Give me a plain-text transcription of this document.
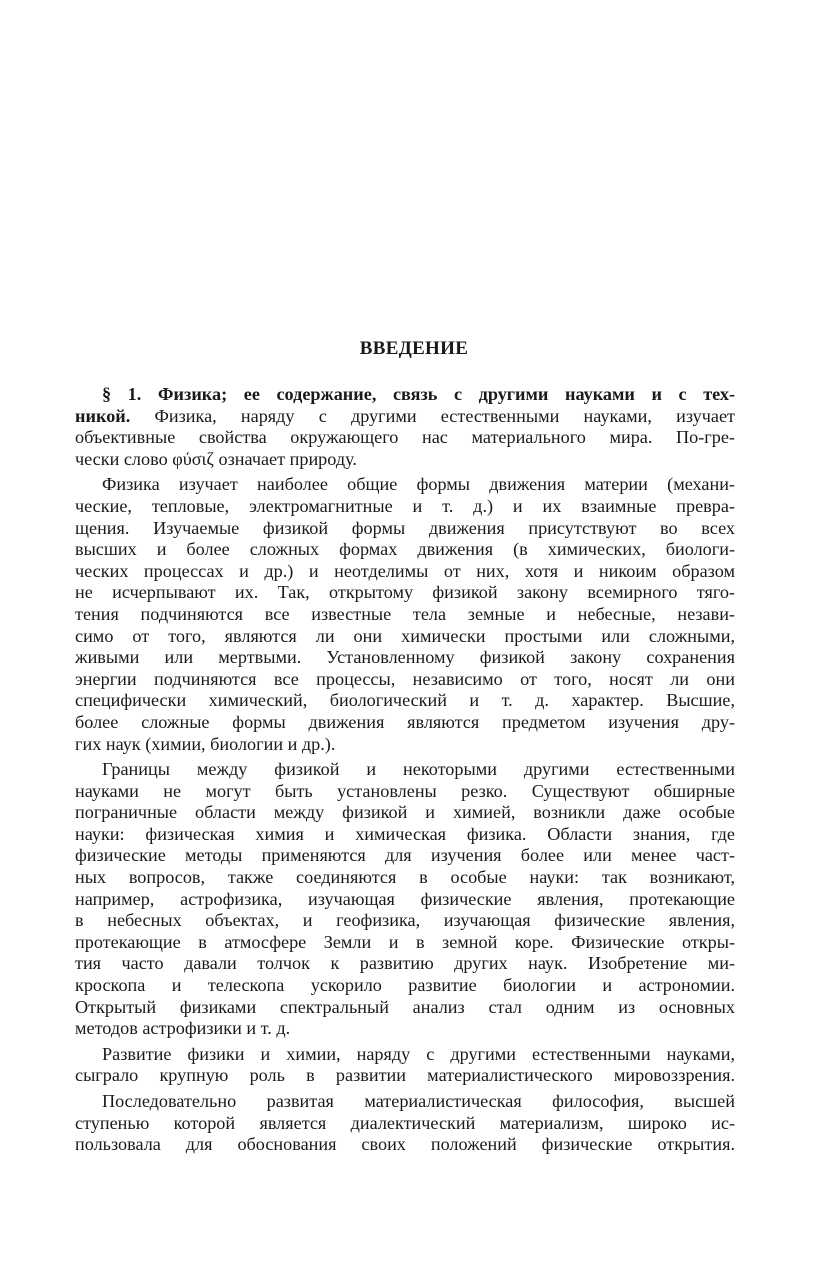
ВВЕДЕНИЕ
§ 1. Физика; ее содержание, связь с другими науками и с тех-
никой. Физика, наряду с другими естественными науками, изучает
объективные свойства окружающего нас материального мира. По-гре-
чески слово φύσιζ означает природу.
Физика изучает наиболее общие формы движения материи (механи-
ческие, тепловые, электромагнитные и т. д.) и их взаимные превра-
щения. Изучаемые физикой формы движения присутствуют во всех
высших и более сложных формах движения (в химических, биологи-
ческих процессах и др.) и неотделимы от них, хотя и никоим образом
не исчерпывают их. Так, открытому физикой закону всемирного тяго-
тения подчиняются все известные тела земные и небесные, незави-
симо от того, являются ли они химически простыми или сложными,
живыми или мертвыми. Установленному физикой закону сохранения
энергии подчиняются все процессы, независимо от того, носят ли они
специфически химический, биологический и т. д. характер. Высшие,
более сложные формы движения являются предметом изучения дру-
гих наук (химии, биологии и др.).
Границы между физикой и некоторыми другими естественными
науками не могут быть установлены резко. Существуют обширные
пограничные области между физикой и химией, возникли даже особые
науки: физическая химия и химическая физика. Области знания, где
физические методы применяются для изучения более или менее част-
ных вопросов, также соединяются в особые науки: так возникают,
например, астрофизика, изучающая физические явления, протекающие
в небесных объектах, и геофизика, изучающая физические явления,
протекающие в атмосфере Земли и в земной коре. Физические откры-
тия часто давали толчок к развитию других наук. Изобретение ми-
кроскопа и телескопа ускорило развитие биологии и астрономии.
Открытый физиками спектральный анализ стал одним из основных
методов астрофизики и т. д.
Развитие физики и химии, наряду с другими естественными науками,
сыграло крупную роль в развитии материалистического мировоззрения.
Последовательно развитая материалистическая философия, высшей
ступенью которой является диалектический материализм, широко ис-
пользовала для обоснования своих положений физические открытия.
